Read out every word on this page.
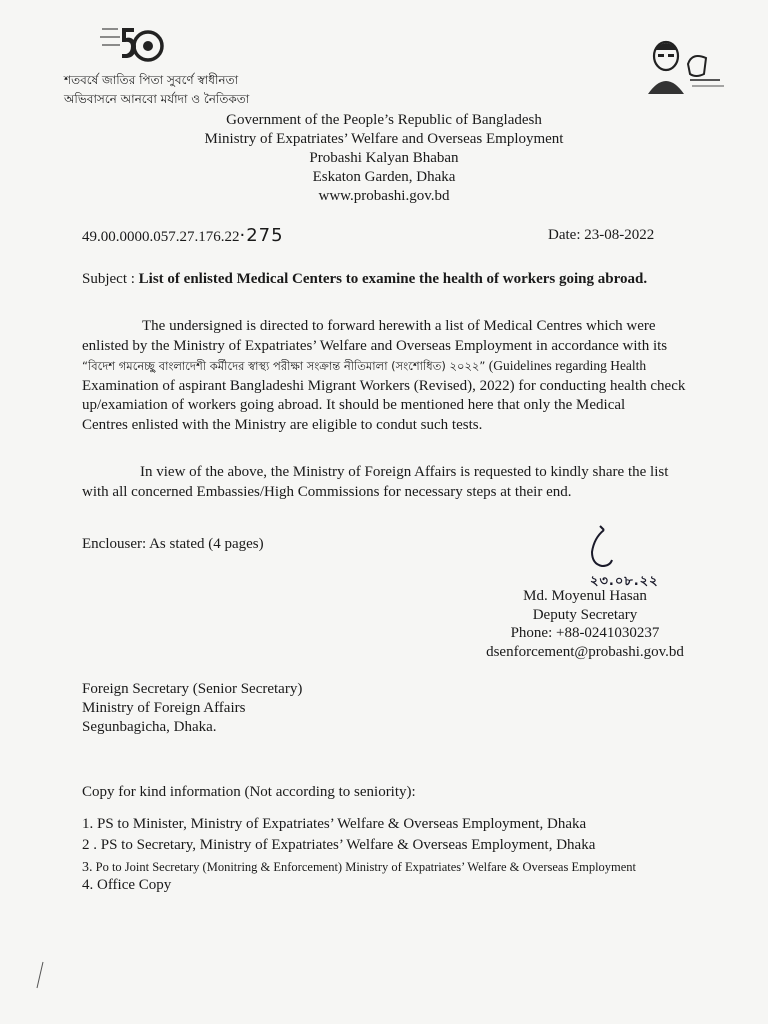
শতবর্ষে জাতির পিতা সুবর্ণে স্বাধীনতা
অভিবাসনে আনবো মর্যাদা ও নৈতিকতা
Government of the People’s Republic of Bangladesh
Ministry of Expatriates’ Welfare and Overseas Employment
Probashi Kalyan Bhaban
Eskaton Garden, Dhaka
www.probashi.gov.bd
49.00.0000.057.27.176.22·275	Date: 23-08-2022
Subject : List of enlisted Medical Centers to examine the health of workers going abroad.
The undersigned is directed to forward herewith a list of Medical Centres which were
enlisted by the Ministry of Expatriates’ Welfare and Overseas Employment in accordance with its
“বিদেশ গমনেচ্ছু বাংলাদেশী কর্মীদের স্বাস্থ্য পরীক্ষা সংক্রান্ত নীতিমালা (সংশোধিত) ২০২২” (Guidelines regarding Health
Examination of aspirant Bangladeshi Migrant Workers (Revised), 2022) for conducting health check
up/examiation of workers going abroad. It should be mentioned here that only the Medical
Centres enlisted with the Ministry are eligible to condut such tests.
In view of the above, the Ministry of Foreign Affairs is requested to kindly share the list
with all concerned Embassies/High Commissions for necessary steps at their end.
Enclouser: As stated (4 pages)
২৩.০৮.২২
Md. Moyenul Hasan
Deputy Secretary
Phone: +88-0241030237
dsenforcement@probashi.gov.bd
Foreign Secretary (Senior Secretary)
Ministry of Foreign Affairs
Segunbagicha, Dhaka.
Copy for kind information (Not according to seniority):
1. PS to Minister, Ministry of Expatriates’ Welfare & Overseas Employment, Dhaka
2 . PS to Secretary, Ministry of Expatriates’ Welfare & Overseas Employment, Dhaka
3. Po to Joint Secretary (Monitring & Enforcement) Ministry of Expatriates’ Welfare & Overseas Employment
4. Office Copy
